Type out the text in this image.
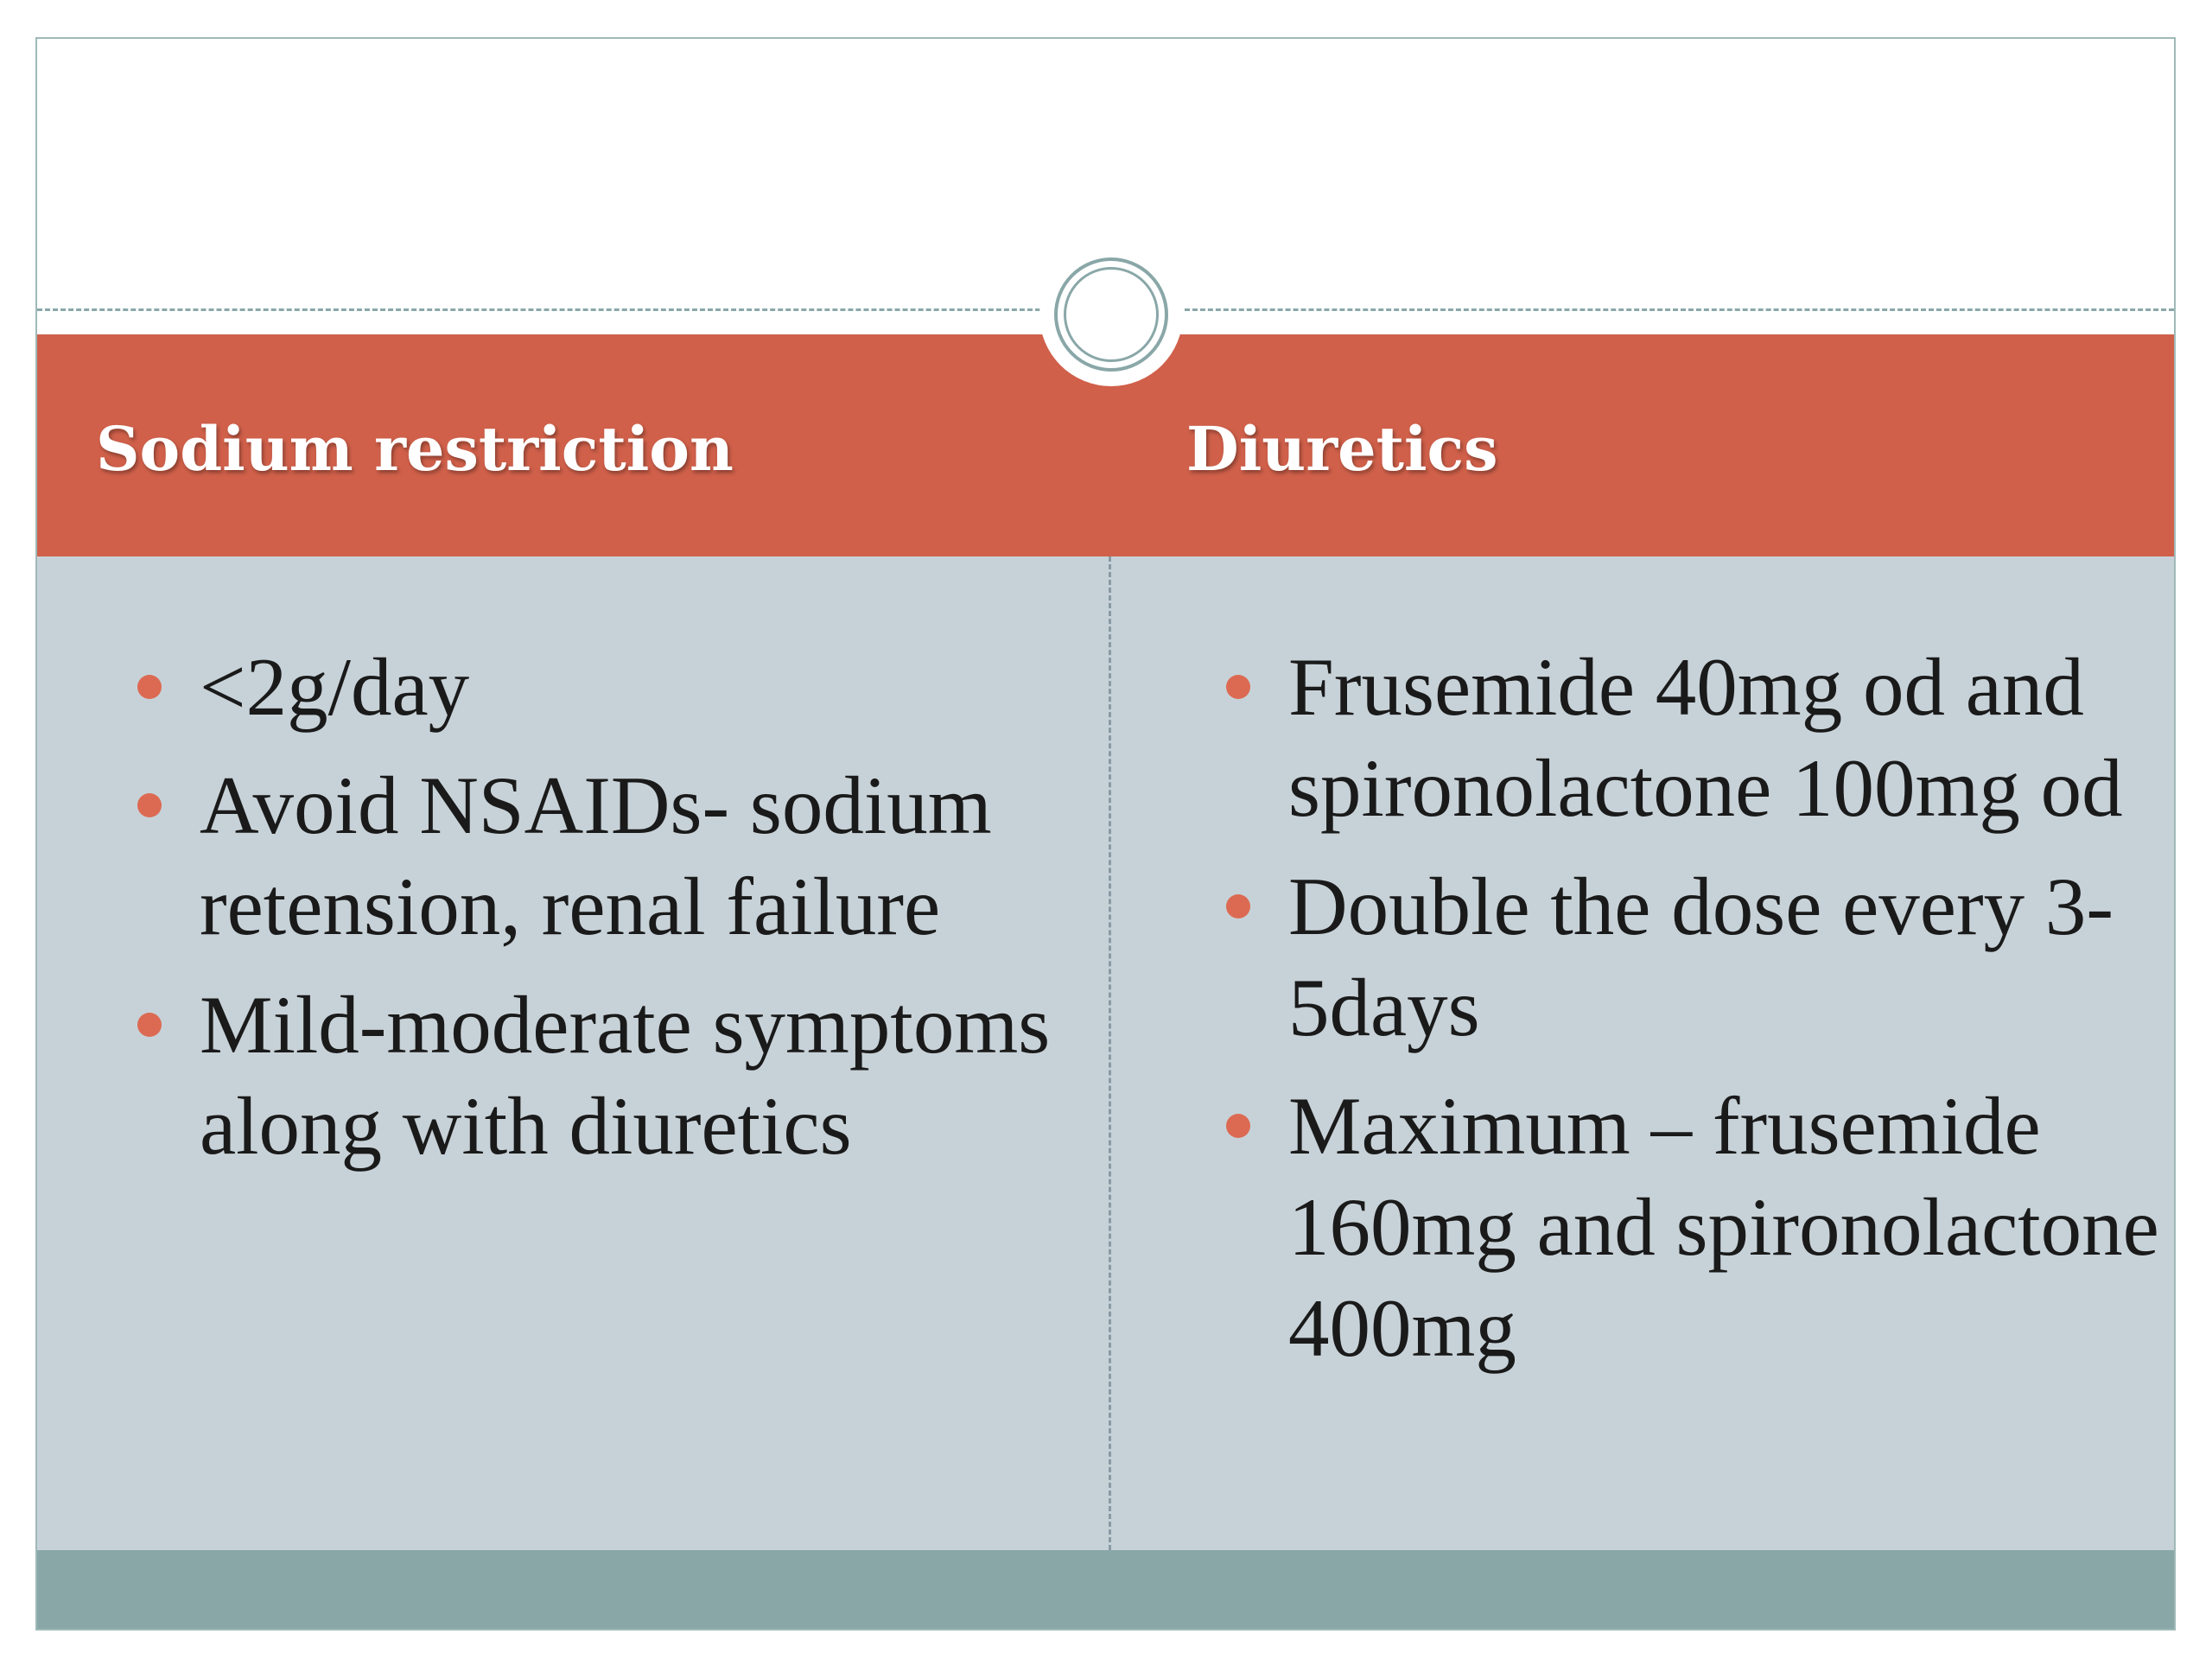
Sodium restriction	Diuretics
<2g/day
Avoid NSAIDs- sodium retension, renal failure
Mild-moderate symptoms along with diuretics
Frusemide 40mg od and spironolactone 100mg od
Double the dose every 3-5days
Maximum – frusemide 160mg and spironolactone 400mg
